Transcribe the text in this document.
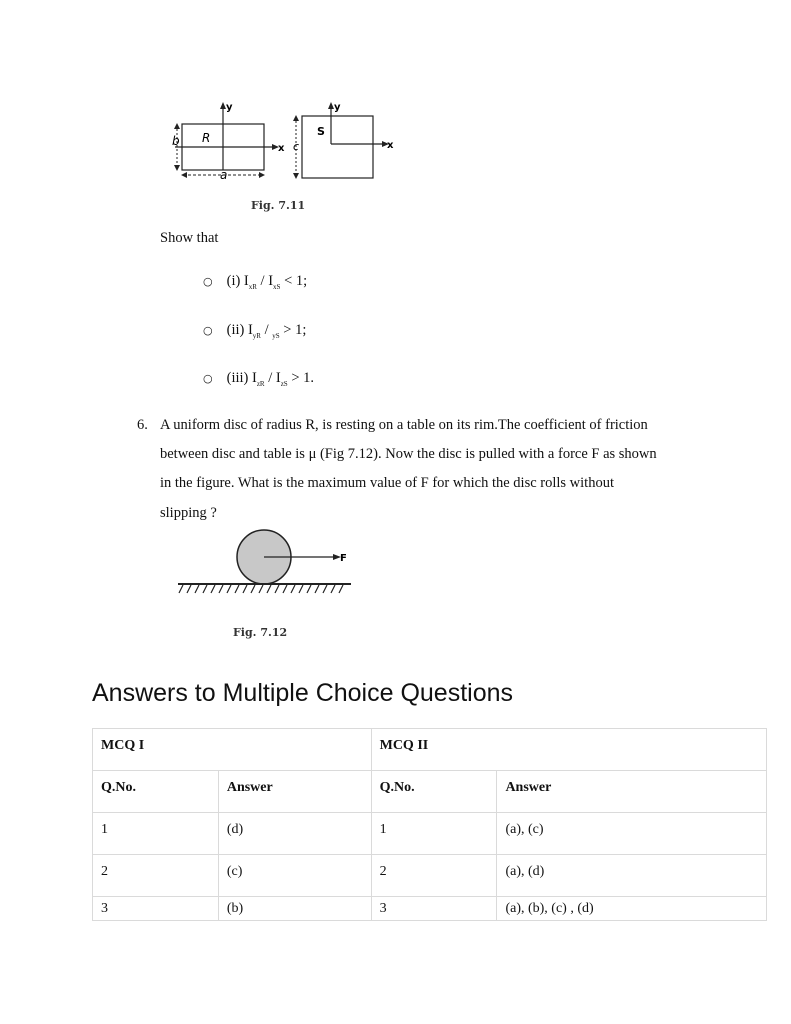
y
x
R
b
a
y
x
S
c
Fig. 7.11
Show that
○ (i) $I_{xR} / I_{xS} < 1$;
○ (ii) $I_{yR} / _{yS} > 1$;
○ (iii) $I_{zR} / I_{zS} > 1$.
6. A uniform disc of radius R, is resting on a table on its rim.The coefficient of friction
between disc and table is μ (Fig 7.12). Now the disc is pulled with a force F as shown
in the figure. What is the maximum value of F for which the disc rolls without
slipping ?
F
Fig. 7.12
Answers to Multiple Choice Questions
MCQ I		MCQ II	
Q.No.	Answer	Q.No.	Answer
1	(d)	1	(a), (c)
2	(c)	2	(a), (d)
3	(b)	3	(a), (b), (c) , (d)
